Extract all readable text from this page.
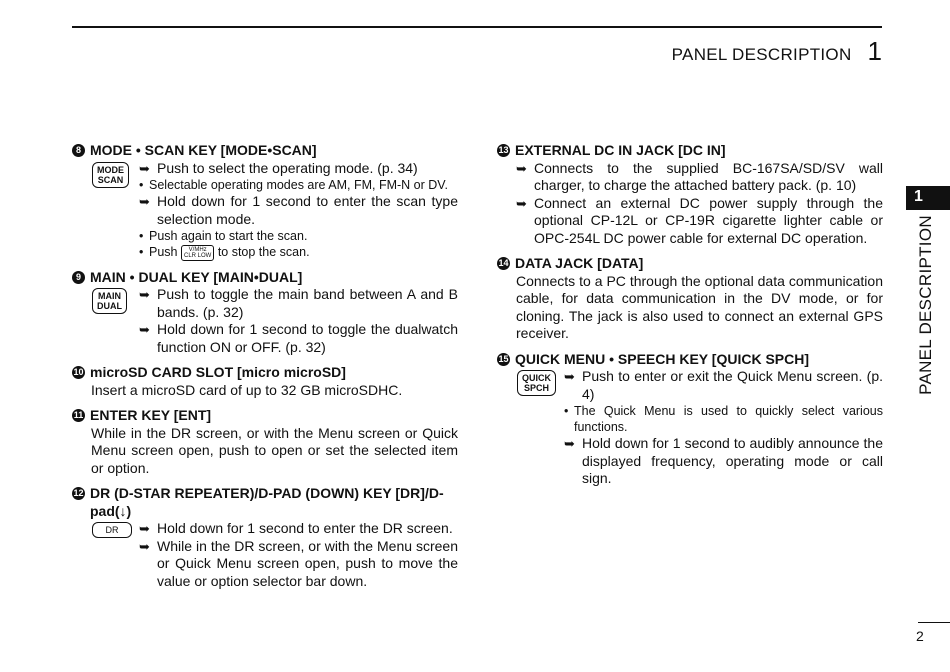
PANEL DESCRIPTION 1
1
PANEL DESCRIPTION
2
8 MODE • SCAN KEY [MODE•SCAN]
MODE
SCAN
➥ Push to select the operating mode. (p. 34)
• Selectable operating modes are AM, FM, FM-N or DV.
➥ Hold down for 1 second to enter the scan type selection mode.
• Push again to start the scan.
• Push V/MHz
CLR LOW to stop the scan.
9 MAIN • DUAL KEY [MAIN•DUAL]
MAIN
DUAL
➥ Push to toggle the main band between A and B bands. (p. 32)
➥ Hold down for 1 second to toggle the dualwatch function ON or OFF. (p. 32)
10 microSD CARD SLOT [micro microSD]
Insert a microSD card of up to 32 GB microSDHC.
11 ENTER KEY [ENT]
While in the DR screen, or with the Menu screen or Quick Menu screen open, push to open or set the selected item or option.
12 DR (D-STAR REPEATER)/D-PAD (DOWN) KEY [DR]/D-pad(↓)
DR	➥ Hold down for 1 second to enter the DR screen.
➥ While in the DR screen, or with the Menu screen or Quick Menu screen open, push to move the value or option selector bar down.
13 EXTERNAL DC IN JACK [DC IN]
➥ Connects to the supplied BC-167SA/SD/SV wall charger, to charge the attached battery pack. (p. 10)
➥ Connect an external DC power supply through the optional CP-12L or CP-19R cigarette lighter cable or OPC-254L DC power cable for external DC operation.
14 DATA JACK [DATA]
Connects to a PC through the optional data communication cable, for data communication in the DV mode, or for cloning. The jack is also used to connect an external GPS receiver.
15 QUICK MENU • SPEECH KEY [QUICK SPCH]
QUICK
SPCH
➥ Push to enter or exit the Quick Menu screen. (p. 4)
• The Quick Menu is used to quickly select various functions.
➥ Hold down for 1 second to audibly announce the displayed frequency, operating mode or call sign.
